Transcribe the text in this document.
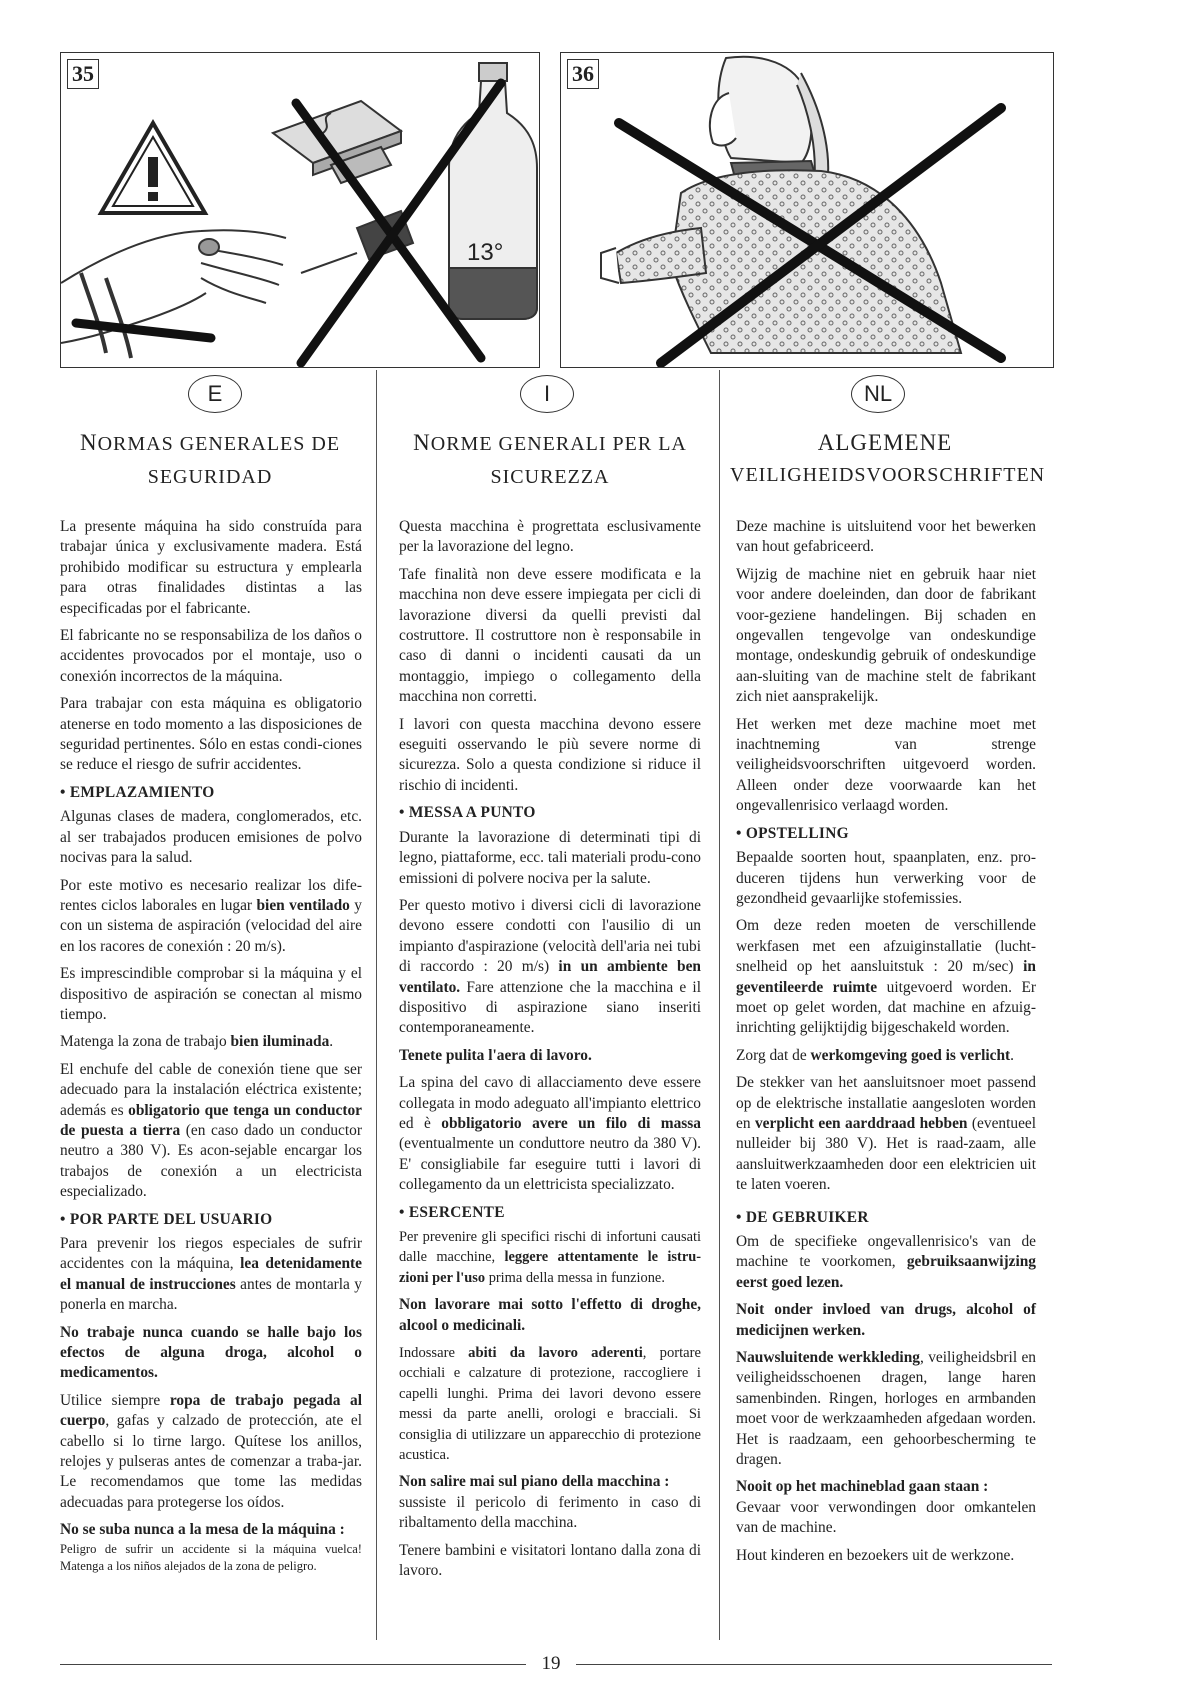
35
13°
36
E	I	NL
NORMAS GENERALES DE
SEGURIDAD
NORME GENERALI PER LA
SICUREZZA
ALGEMENE
VEILIGHEIDSVOORSCHRIFTEN

La presente máquina ha sido construída para trabajar única y exclusivamente madera. Está prohibido modificar su estructura y emplearla para otras finalidades distintas a las especificadas por el fabricante.

El fabricante no se responsabiliza de los daños o accidentes provocados por el montaje, uso o conexión incorrectos de la máquina.

Para trabajar con esta máquina es obligatorio atenerse en todo momento a las disposiciones de seguridad pertinentes. Sólo en estas condi-ciones se reduce el riesgo de sufrir accidentes.

• EMPLAZAMIENTO

Algunas clases de madera, conglomerados, etc. al ser trabajados producen emisiones de polvo nocivas para la salud.

Por este motivo es necesario realizar los dife-rentes ciclos laborales en lugar bien ventilado y con un sistema de aspiración (velocidad del aire en los racores de conexión : 20 m/s).

Es imprescindible comprobar si la máquina y el dispositivo de aspiración se conectan al mismo tiempo.

Matenga la zona de trabajo bien iluminada.

El enchufe del cable de conexión tiene que ser adecuado para la instalación eléctrica existente; además es obligatorio que tenga un conductor de puesta a tierra (en caso dado un conductor neutro a 380 V). Es acon-sejable encargar los trabajos de conexión a un electricista especializado.

• POR PARTE DEL USUARIO

Para prevenir los riegos especiales de sufrir accidentes con la máquina, lea detenidamente el manual de instrucciones antes de montarla y ponerla en marcha.

No trabaje nunca cuando se halle bajo los efectos de alguna droga, alcohol o medicamentos.

Utilice siempre ropa de trabajo pegada al cuerpo, gafas y calzado de protección, ate el cabello si lo tirne largo. Quítese los anillos, relojes y pulseras antes de comenzar a traba-jar. Le recomendamos que tome las medidas adecuadas para protegerse los oídos.

No se suba nunca a la mesa de la máquina :

Peligro de sufrir un accidente si la máquina vuelca! Matenga a los niños alejados de la zona de peligro.

Questa macchina è progrettata esclusivamente per la lavorazione del legno.

Tafe finalità non deve essere modificata e la macchina non deve essere impiegata per cicli di lavorazione diversi da quelli previsti dal costruttore. Il costruttore non è responsabile in caso di danni o incidenti causati da un montaggio, impiego o collegamento della macchina non corretti.

I lavori con questa macchina devono essere eseguiti osservando le più severe norme di sicurezza. Solo a questa condizione si riduce il rischio di incidenti.

• MESSA A PUNTO

Durante la lavorazione di determinati tipi di legno, piattaforme, ecc. tali materiali produ-cono emissioni di polvere nociva per la salute.

Per questo motivo i diversi cicli di lavorazione devono essere condotti con l'ausilio di un impianto d'aspirazione (velocità dell'aria nei tubi di raccordo : 20 m/s) in un ambiente ben ventilato. Fare attenzione che la macchina e il dispositivo di aspirazione siano inseriti contemporaneamente.

Tenete pulita l'aera di lavoro.

La spina del cavo di allacciamento deve essere collegata in modo adeguato all'impianto elettrico ed è obbligatorio avere un filo di massa (eventualmente un conduttore neutro da 380 V). E' consigliabile far eseguire tutti i lavori di collegamento da un elettricista specializzato.

• ESERCENTE

Per prevenire gli specifici rischi di infortuni causati dalle macchine, leggere attentamente le istru-zioni per l'uso prima della messa in funzione.

Non lavorare mai sotto l'effetto di droghe, alcool o medicinali.

Indossare abiti da lavoro aderenti, portare occhiali e calzature di protezione, raccogliere i capelli lunghi. Prima dei lavori devono essere messi da parte anelli, orologi e bracciali. Si consiglia di utilizzare un apparecchio di protezione acustica.

Non salire mai sul piano della macchina :

sussiste il pericolo di ferimento in caso di ribaltamento della macchina.

Tenere bambini e visitatori lontano dalla zona di lavoro.

Deze machine is uitsluitend voor het bewerken van hout gefabriceerd.

Wijzig de machine niet en gebruik haar niet voor andere doeleinden, dan door de fabrikant voor-geziene handelingen. Bij schaden en ongevallen tengevolge van ondeskundige montage, ondeskundig gebruik of ondeskundige aan-sluiting van de machine stelt de fabrikant zich niet aansprakelijk.

Het werken met deze machine moet met inachtneming van strenge veiligheidsvoorschriften uitgevoerd worden. Alleen onder deze voorwaarde kan het ongevallenrisico verlaagd worden.

• OPSTELLING

Bepaalde soorten hout, spaanplaten, enz. pro-duceren tijdens hun verwerking voor de gezondheid gevaarlijke stofemissies.

Om deze reden moeten de verschillende werkfasen met een afzuiginstallatie (lucht-snelheid op het aansluitstuk : 20 m/sec) in geventileerde ruimte uitgevoerd worden. Er moet op gelet worden, dat machine en afzuig-inrichting gelijktijdig bijgeschakeld worden.

Zorg dat de werkomgeving goed is verlicht.

De stekker van het aansluitsnoer moet passend op de elektrische installatie aangesloten worden en verplicht een aarddraad hebben (eventueel nulleider bij 380 V). Het is raad-zaam, alle aansluitwerkzaamheden door een elektricien uit te laten voeren.

• DE GEBRUIKER

Om de specifieke ongevallenrisico's van de machine te voorkomen, gebruiksaanwijzing eerst goed lezen.

Noit onder invloed van drugs, alcohol of medicijnen werken.

Nauwsluitende werkkleding, veiligheidsbril en veiligheidsschoenen dragen, lange haren samenbinden. Ringen, horloges en armbanden moet voor de werkzaamheden afgedaan worden. Het is raadzaam, een gehoorbescherming te dragen.

Nooit op het machineblad gaan staan :

Gevaar voor verwondingen door omkantelen van de machine.

Hout kinderen en bezoekers uit de werkzone.

19
